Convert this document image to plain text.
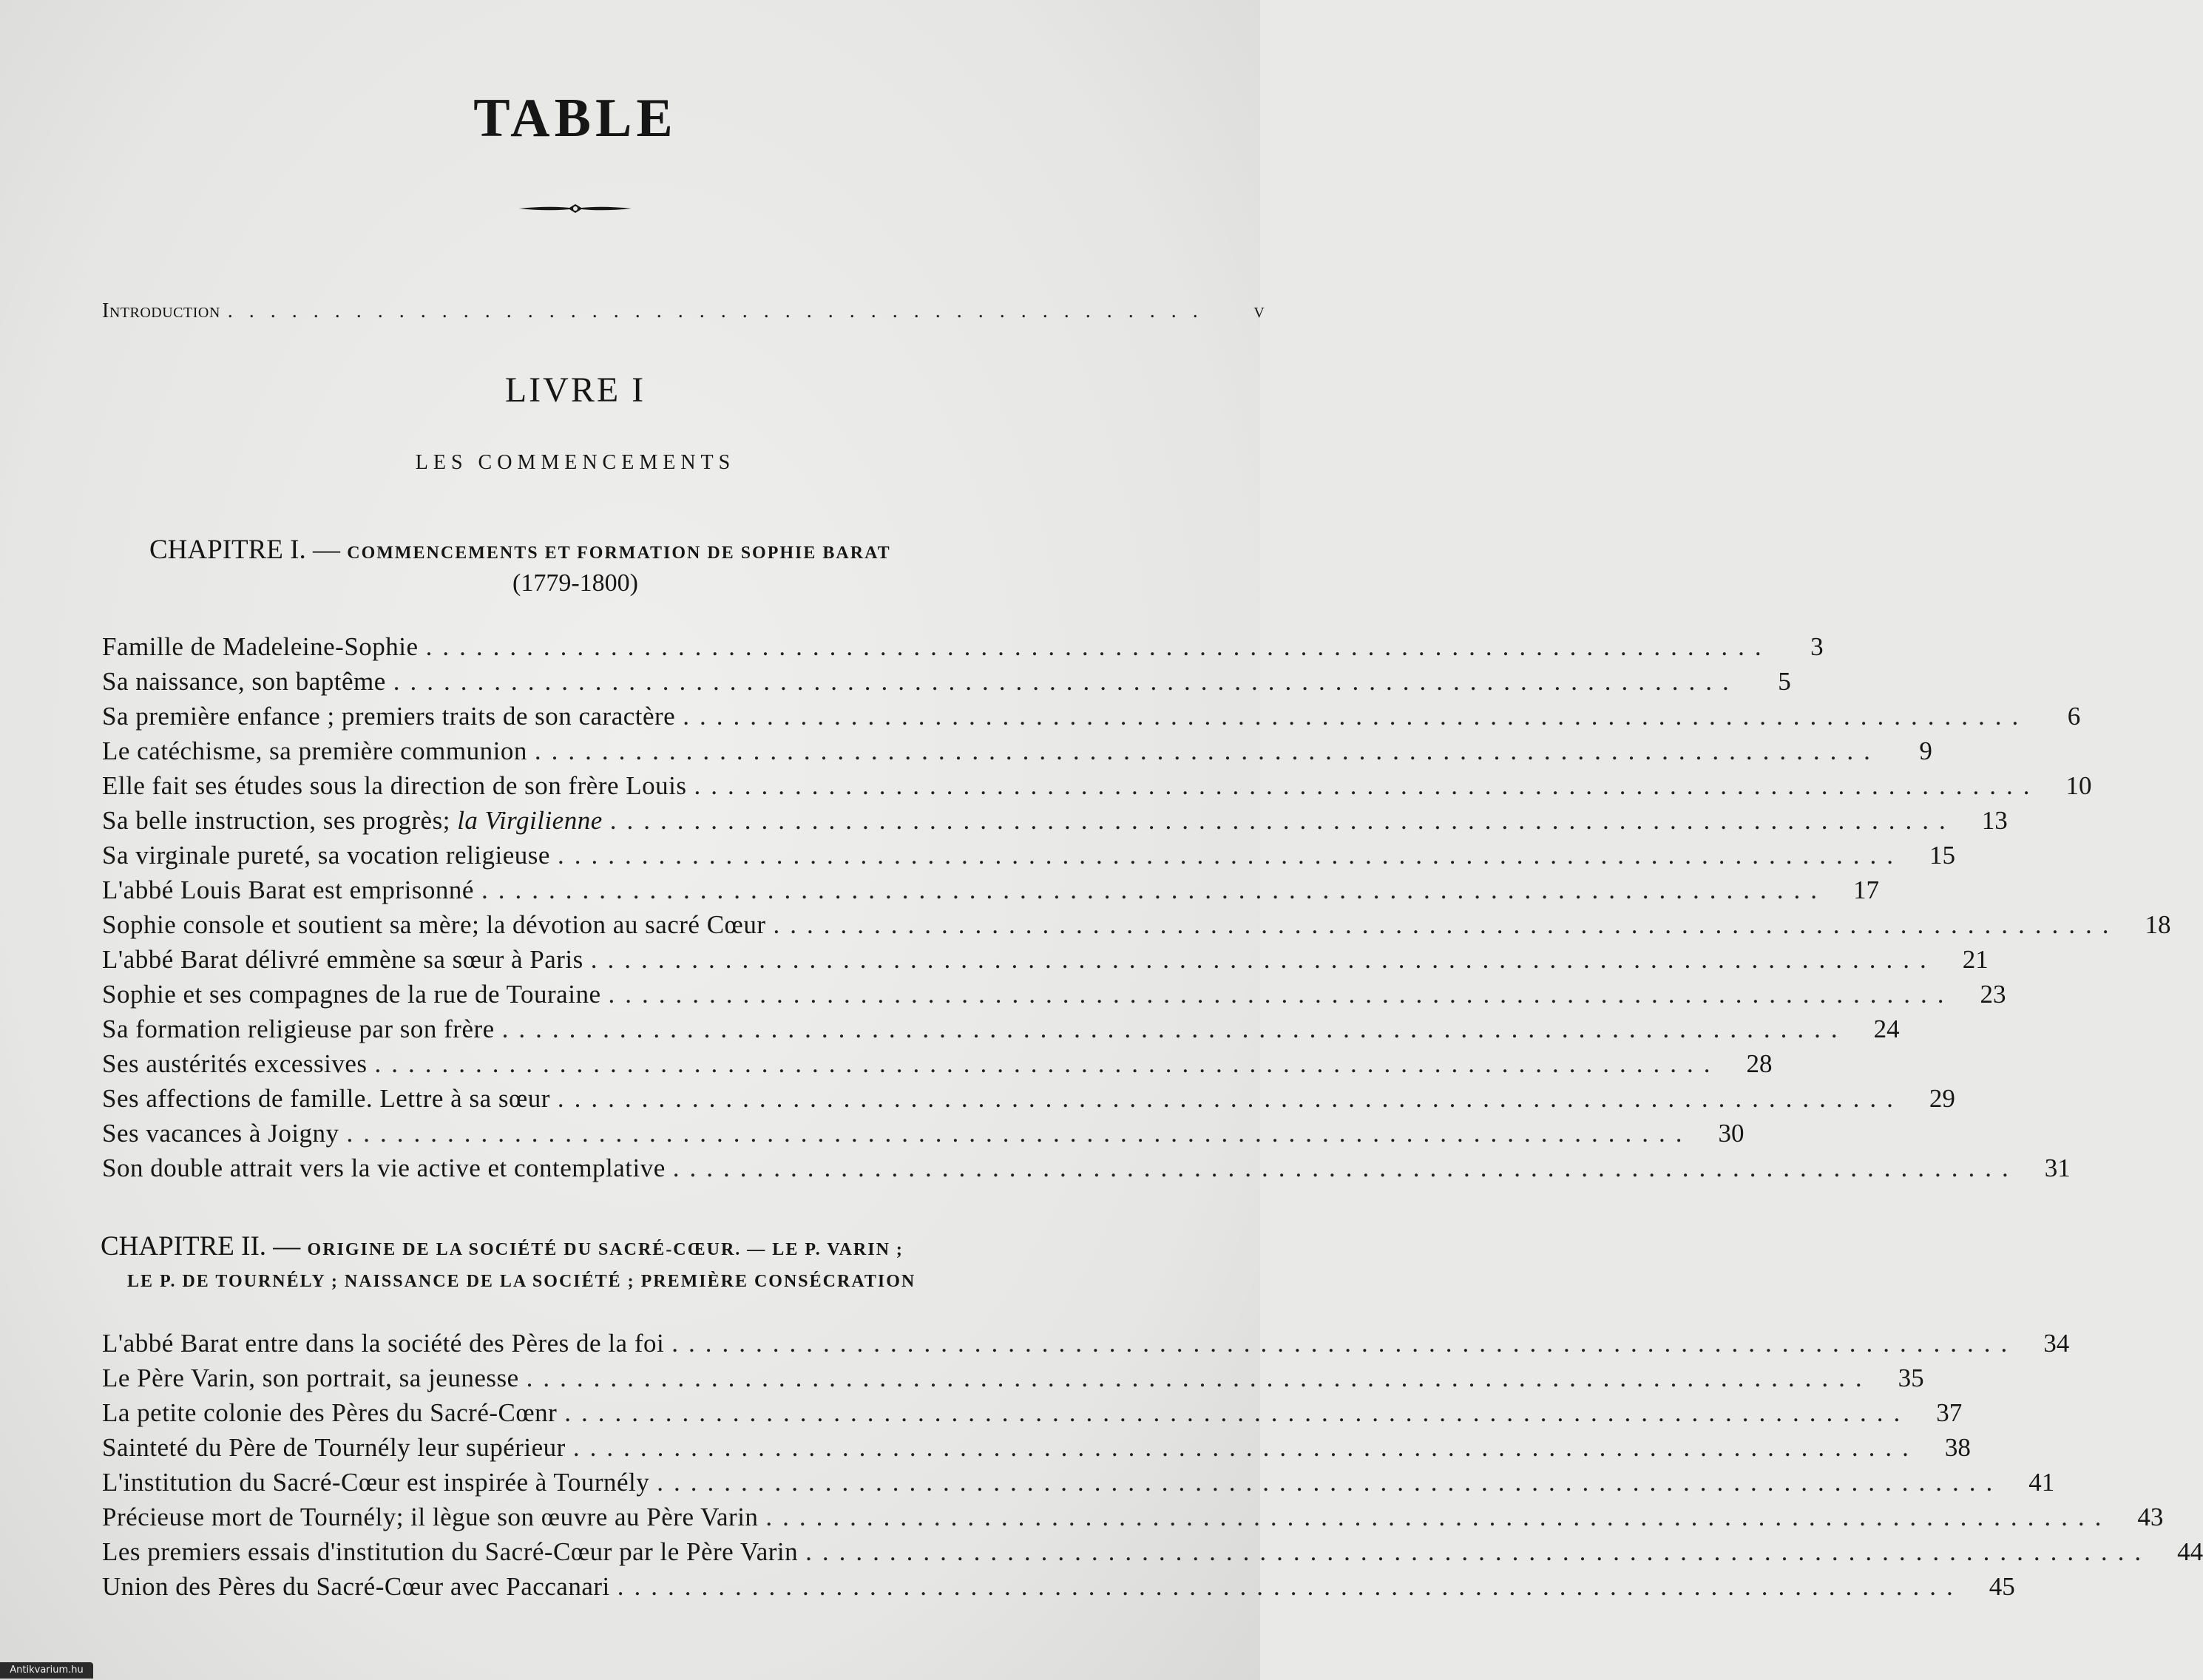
TABLE
Introduction ..............................................	v
LIVRE I
LES COMMENCEMENTS
CHAPITRE I. — COMMENCEMENTS ET FORMATION DE SOPHIE BARAT
(1779-1800)
Famille de Madeleine-Sophie ................................................................................	3
Sa naissance, son baptême ................................................................................	5
Sa première enfance ; premiers traits de son caractère ................................................................................	6
Le catéchisme, sa première communion ................................................................................	9
Elle fait ses études sous la direction de son frère Louis ................................................................................	10
Sa belle instruction, ses progrès; la Virgilienne ................................................................................	13
Sa virginale pureté, sa vocation religieuse ................................................................................	15
L'abbé Louis Barat est emprisonné ................................................................................	17
Sophie console et soutient sa mère; la dévotion au sacré Cœur ................................................................................	18
L'abbé Barat délivré emmène sa sœur à Paris ................................................................................	21
Sophie et ses compagnes de la rue de Touraine ................................................................................	23
Sa formation religieuse par son frère ................................................................................	24
Ses austérités excessives ................................................................................	28
Ses affections de famille. Lettre à sa sœur ................................................................................	29
Ses vacances à Joigny ................................................................................	30
Son double attrait vers la vie active et contemplative ................................................................................	31
CHAPITRE II. — ORIGINE DE LA SOCIÉTÉ DU SACRÉ-CŒUR. — LE P. VARIN ;
LE P. DE TOURNÉLY ; NAISSANCE DE LA SOCIÉTÉ ; PREMIÈRE CONSÉCRATION
L'abbé Barat entre dans la société des Pères de la foi ................................................................................	34
Le Père Varin, son portrait, sa jeunesse ................................................................................	35
La petite colonie des Pères du Sacré-Cœnr ................................................................................	37
Sainteté du Père de Tournély leur supérieur ................................................................................	38
L'institution du Sacré-Cœur est inspirée à Tournély ................................................................................	41
Précieuse mort de Tournély; il lègue son œuvre au Père Varin ................................................................................	43
Les premiers essais d'institution du Sacré-Cœur par le Père Varin ................................................................................	44
Union des Pères du Sacré-Cœur avec Paccanari ................................................................................	45
Antikvarium.hu
